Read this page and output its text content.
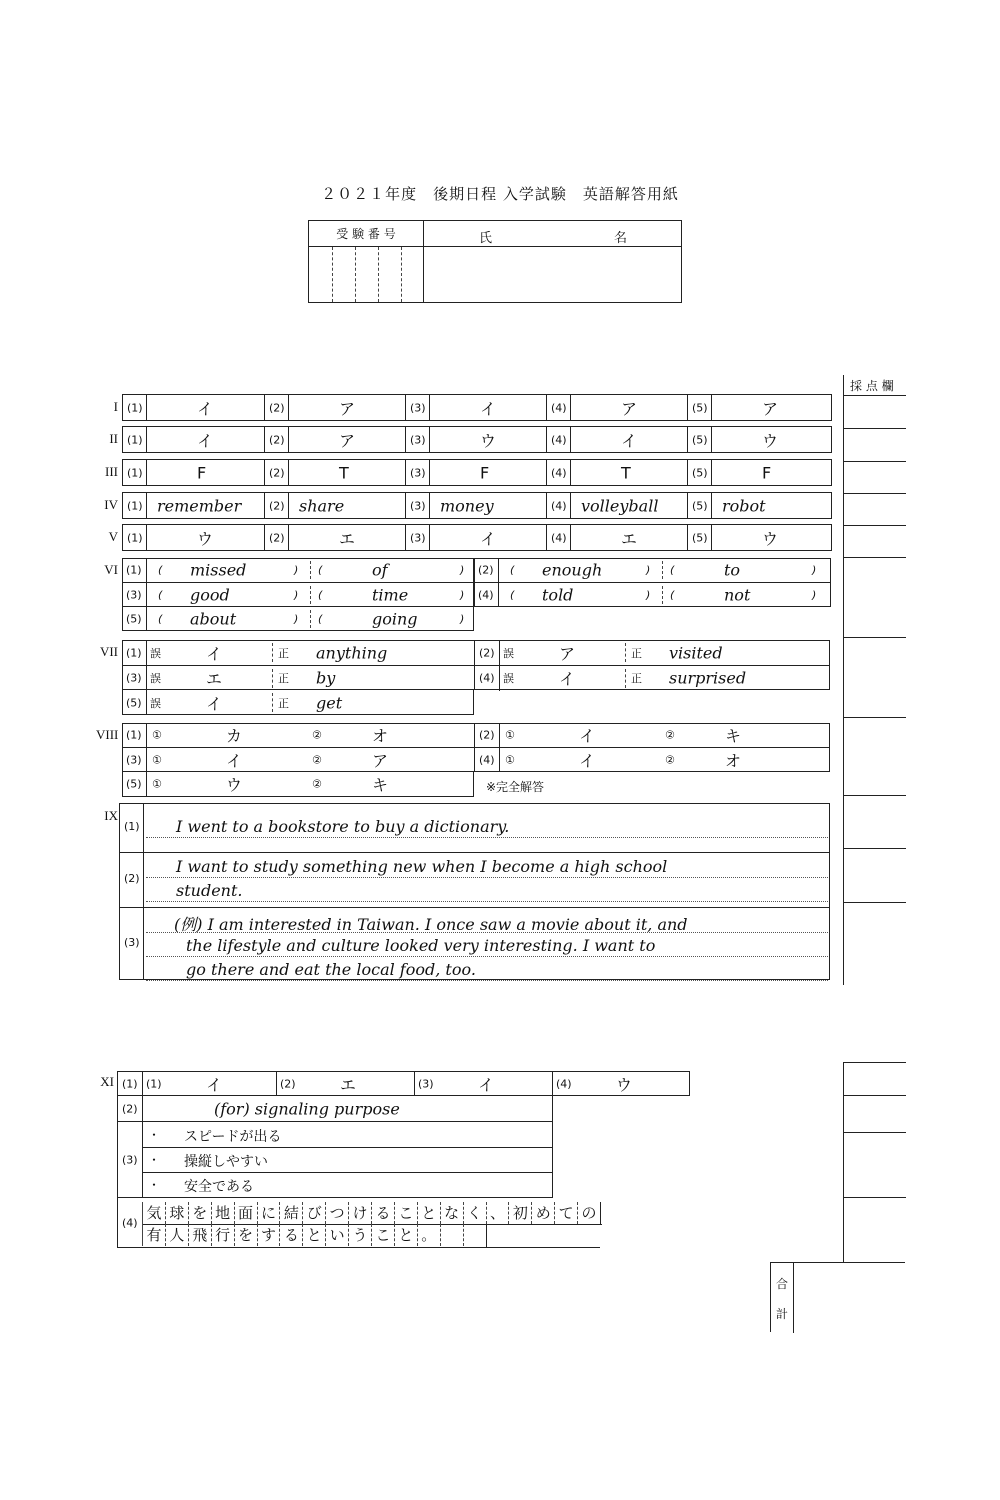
２０２１年度　後期日程 入学試験　英語解答用紙
受 験 番 号	氏	名
採 点 欄
合
計
I (1)	イ	(2)	ア	(3)	イ	(4)	ア	(5)	ア
II (1)	イ	(2)	ア	(3)	ウ	(4)	イ	(5)	ウ
III (1)	F	(2)	T	(3)	F	(4)	T	(5)	F
IV (1) remember	(2) share	(3) money	(4) volleyball	(5) robot
V (1)	ウ	(2)	エ	(3)	イ	(4)	エ	(5)	ウ
VI (1) ( missed	) (	of	) (2) ( enough	) (	to	)
(3) ( good	) (	time	) (4) ( told	) (	not	)
(5) ( about	) (	going	)
VII (1) 誤	イ	正 anything	(2) 誤	ア	正 visited
(3) 誤	エ	正 by	(4) 誤	イ	正 surprised
(5) 誤	イ	正 get
VIII (1) ①	カ	②	オ	(2) ①	イ	②	キ
(3) ①	イ	②	ア	(4) ①	イ	②	オ
(5) ①	ウ	②	キ	※完全解答
IX
(1) I went to a bookstore to buy a dictionary.
(2)
I want to study something new when I become a high school
student.
(3)
(例) I am interested in Taiwan. I once saw a movie about it, and
the lifestyle and culture looked very interesting. I want to
go there and eat the local food, too.
XI (1) (1)	イ	(2)	エ	(3)	イ	(4)	ウ
(2)	(for) signaling purpose
(3)
・ スピードが出る
・ 操縦しやすい
・ 安全である
(4)
気 球 を 地 面 に 結 び つ け る こ と な く 、 初 め て の
有 人 飛 行 を す る と い う こ と 。
